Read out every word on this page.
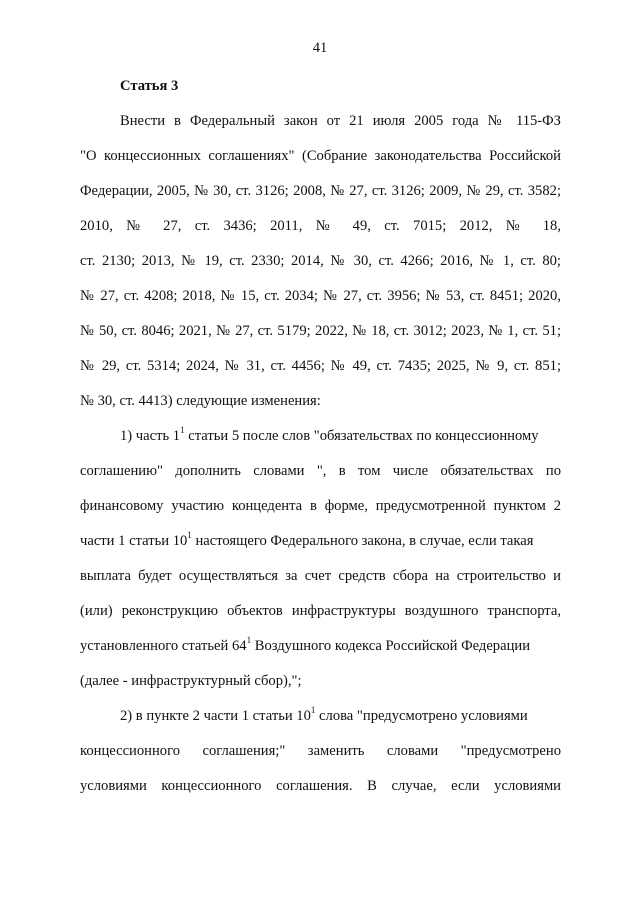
41
Статья 3
Внести в Федеральный закон от 21 июля 2005 года № 115-ФЗ
"О концессионных соглашениях" (Собрание законодательства Российской
Федерации, 2005, № 30, ст. 3126; 2008, № 27, ст. 3126; 2009, № 29, ст. 3582;
2010, № 27, ст. 3436; 2011, № 49, ст. 7015; 2012, № 18,
ст. 2130; 2013, № 19, ст. 2330; 2014, № 30, ст. 4266; 2016, № 1, ст. 80;
№ 27, ст. 4208; 2018, № 15, ст. 2034; № 27, ст. 3956; № 53, ст. 8451; 2020,
№ 50, ст. 8046; 2021, № 27, ст. 5179; 2022, № 18, ст. 3012; 2023, № 1, ст. 51;
№ 29, ст. 5314; 2024, № 31, ст. 4456; № 49, ст. 7435; 2025, № 9, ст. 851;
№ 30, ст. 4413) следующие изменения:
1) часть $1^1$ статьи 5 после слов "обязательствах по концессионному
соглашению" дополнить словами ", в том числе обязательствах по
финансовому участию концедента в форме, предусмотренной пунктом 2
части 1 статьи $10^1$ настоящего Федерального закона, в случае, если такая
выплата будет осуществляться за счет средств сбора на строительство и
(или) реконструкцию объектов инфраструктуры воздушного транспорта,
установленного статьей $64^1$ Воздушного кодекса Российской Федерации
(далее - инфраструктурный сбор),";
2) в пункте 2 части 1 статьи $10^1$ слова "предусмотрено условиями
концессионного соглашения;" заменить словами "предусмотрено
условиями концессионного соглашения. В случае, если условиями
